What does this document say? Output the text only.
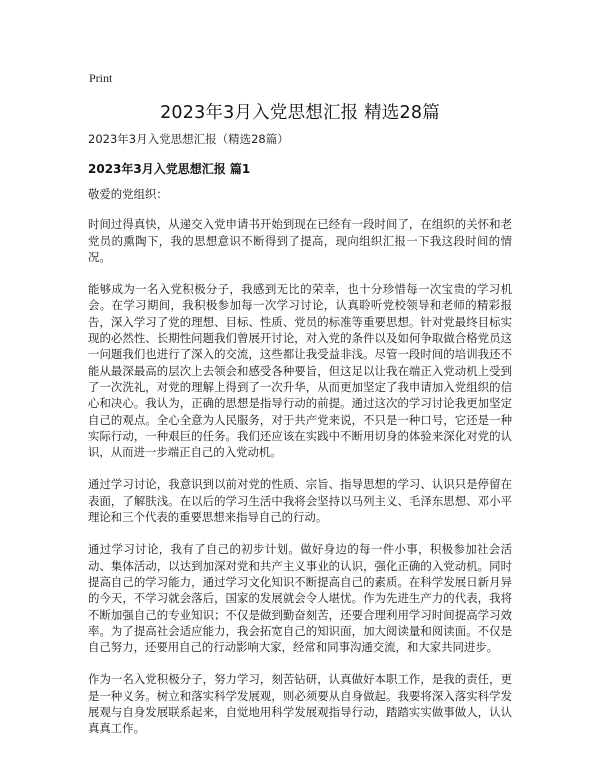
Print
2023年3月入党思想汇报 精选28篇
2023年3月入党思想汇报（精选28篇）
2023年3月入党思想汇报 篇1

敬爱的党组织：

时间过得真快，从递交入党申请书开始到现在已经有一段时间了，在组织的关怀和老党员的熏陶下，我的思想意识不断得到了提高，现向组织汇报一下我这段时间的情况。

能够成为一名入党积极分子，我感到无比的荣幸，也十分珍惜每一次宝贵的学习机会。在学习期间，我积极参加每一次学习讨论，认真聆听党校领导和老师的精彩报告，深入学习了党的理想、目标、性质、党员的标准等重要思想。针对党最终目标实现的必然性、长期性问题我们曾展开讨论，对入党的条件以及如何争取做合格党员这一问题我们也进行了深入的交流，这些都让我受益非浅。尽管一段时间的培训我还不能从最深最高的层次上去领会和感受各种要旨，但这足以让我在端正入党动机上受到了一次洗礼，对党的理解上得到了一次升华，从而更加坚定了我申请加入党组织的信心和决心。我认为，正确的思想是指导行动的前提。通过这次的学习讨论我更加坚定自己的观点。全心全意为人民服务，对于共产党来说，不只是一种口号，它还是一种实际行动，一种艰巨的任务。我们还应该在实践中不断用切身的体验来深化对党的认识，从而进一步端正自己的入党动机。

通过学习讨论，我意识到以前对党的性质、宗旨、指导思想的学习、认识只是停留在表面，了解肤浅。在以后的学习生活中我将会坚持以马列主义、毛泽东思想、邓小平理论和三个代表的重要思想来指导自己的行动。

通过学习讨论，我有了自己的初步计划。做好身边的每一件小事，积极参加社会活动、集体活动，以达到加深对党和共产主义事业的认识，强化正确的入党动机。同时提高自己的学习能力，通过学习文化知识不断提高自己的素质。在科学发展日新月异的今天，不学习就会落后，国家的发展就会令人堪忧。作为先进生产力的代表，我将不断加强自己的专业知识；不仅是做到勤奋刻苦，还要合理利用学习时间提高学习效率。为了提高社会适应能力，我会拓宽自己的知识面，加大阅读量和阅读面。不仅是自己努力，还要用自己的行动影响大家，经常和同事沟通交流，和大家共同进步。

作为一名入党积极分子，努力学习，刻苦钻研，认真做好本职工作，是我的责任，更是一种义务。树立和落实科学发展观，则必须要从自身做起。我要将深入落实科学发展观与自身发展联系起来，自觉地用科学发展观指导行动，踏踏实实做事做人，认认真真工作。
